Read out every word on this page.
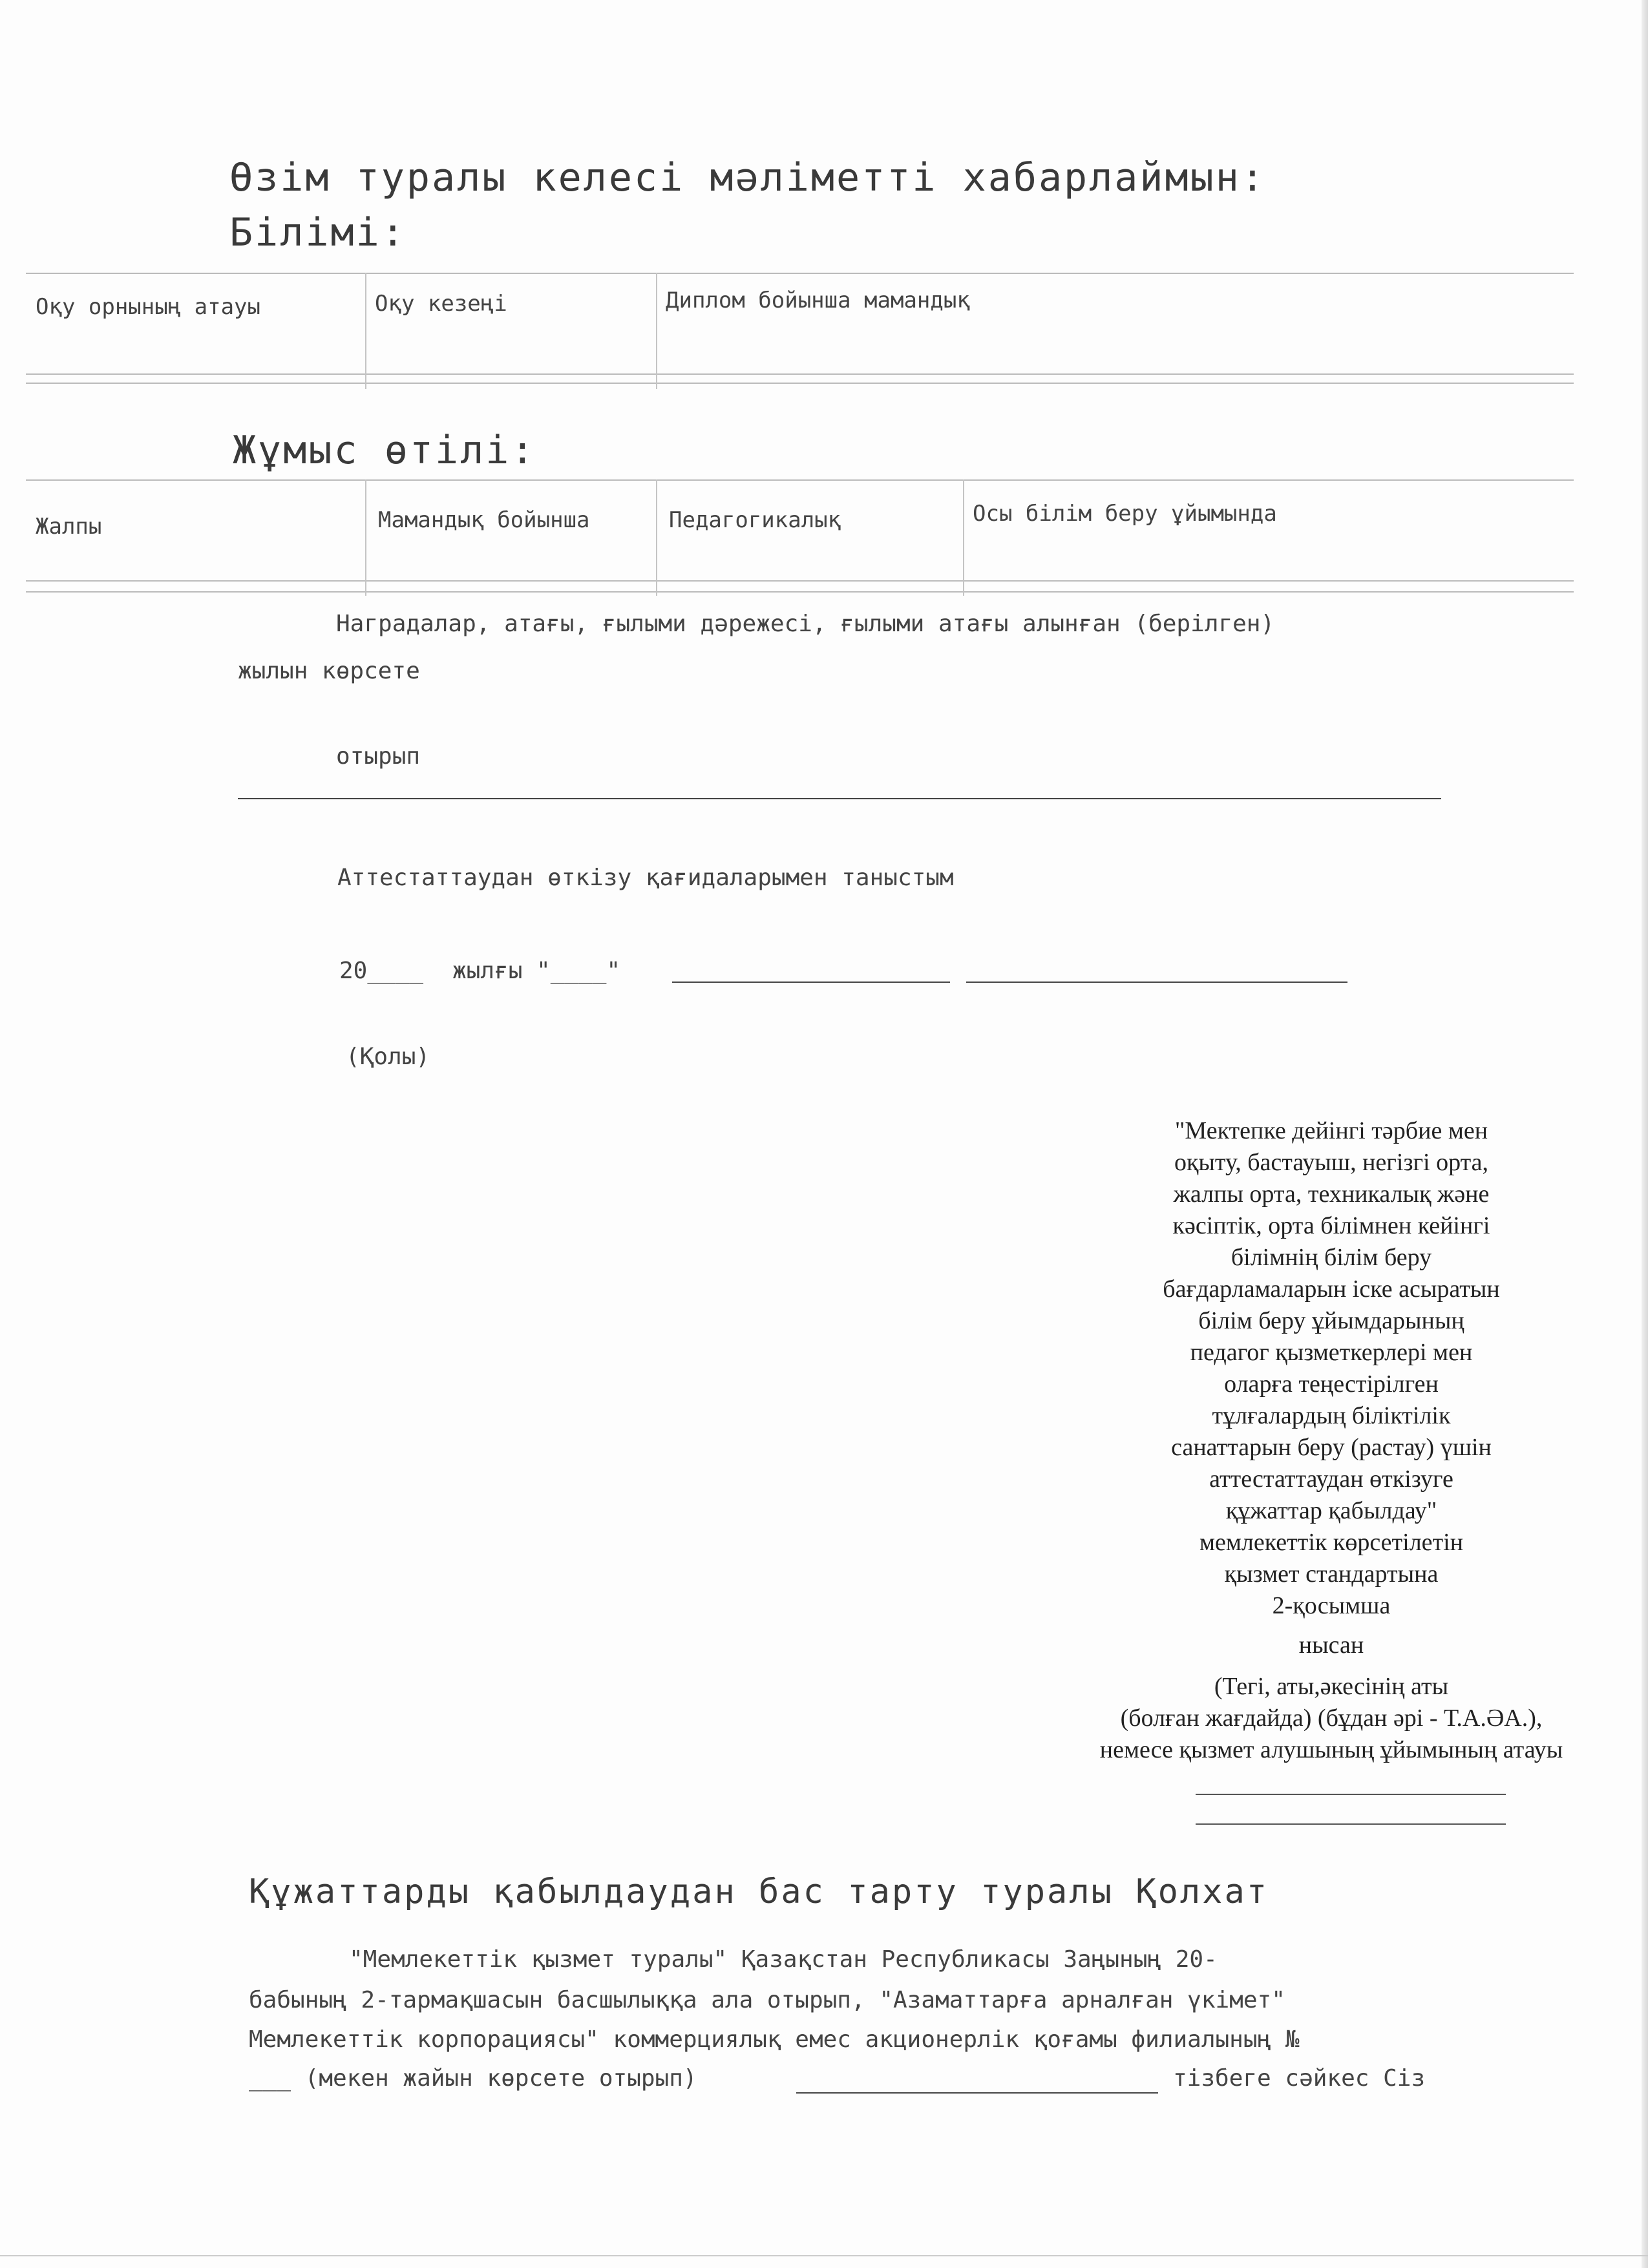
Өзім туралы келесі мәліметті хабарлаймын:
Білімі:
Оқу орнының атауы	Оқу кезеңі	Диплом бойынша мамандық
Жұмыс өтілі:
Жалпы	Мамандық бойынша	Педагогикалық	Осы білім беру ұйымында
Наградалар, атағы, ғылыми дәрежесі, ғылыми атағы алынған (берілген)
жылын көрсете
отырып
Аттестаттаудан өткізу қағидаларымен таныстым
20____ жылғы "____"
(Қолы)
"Мектепке дейінгі тәрбие мен
оқыту, бастауыш, негізгі орта,
жалпы орта, техникалық және
кәсіптік, орта білімнен кейінгі
білімнің білім беру
бағдарламаларын іске асыратын
білім беру ұйымдарының
педагог қызметкерлері мен
оларға теңестірілген
тұлғалардың біліктілік
санаттарын беру (растау) үшін
аттестаттаудан өткізуге
құжаттар қабылдау"
мемлекеттік көрсетілетін
қызмет стандартына
2-қосымша
нысан
(Тегі, аты,әкесінің аты
(болған жағдайда) (бұдан әрі - Т.А.ӘА.),
немесе қызмет алушының ұйымының атауы
Құжаттарды қабылдаудан бас тарту туралы Қолхат
"Мемлекеттік қызмет туралы" Қазақстан Республикасы Заңының 20-
бабының 2-тармақшасын басшылыққа ала отырып, "Азаматтарға арналған үкімет"
Мемлекеттік корпорациясы" коммерциялық емес акционерлік қоғамы филиалының №
___ (мекен жайын көрсете отырып)	тізбеге сәйкес Сіз
